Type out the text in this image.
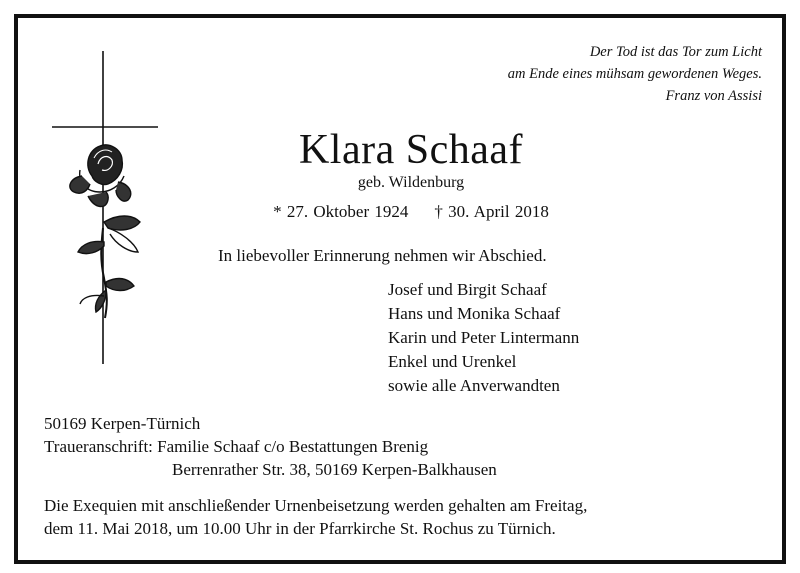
Der Tod ist das Tor zum Licht
am Ende eines mühsam gewordenen Weges.
Franz von Assisi
Klara Schaaf
geb. Wildenburg
* 27. Oktober 1924 † 30. April 2018
In liebevoller Erinnerung nehmen wir Abschied.
Josef und Birgit Schaaf
Hans und Monika Schaaf
Karin und Peter Lintermann
Enkel und Urenkel
sowie alle Anverwandten
50169 Kerpen-Türnich
Traueranschrift: Familie Schaaf c/o Bestattungen Brenig
Berrenrather Str. 38, 50169 Kerpen-Balkhausen
Die Exequien mit anschließender Urnenbeisetzung werden gehalten am Freitag,
dem 11. Mai 2018, um 10.00 Uhr in der Pfarrkirche St. Rochus zu Türnich.
